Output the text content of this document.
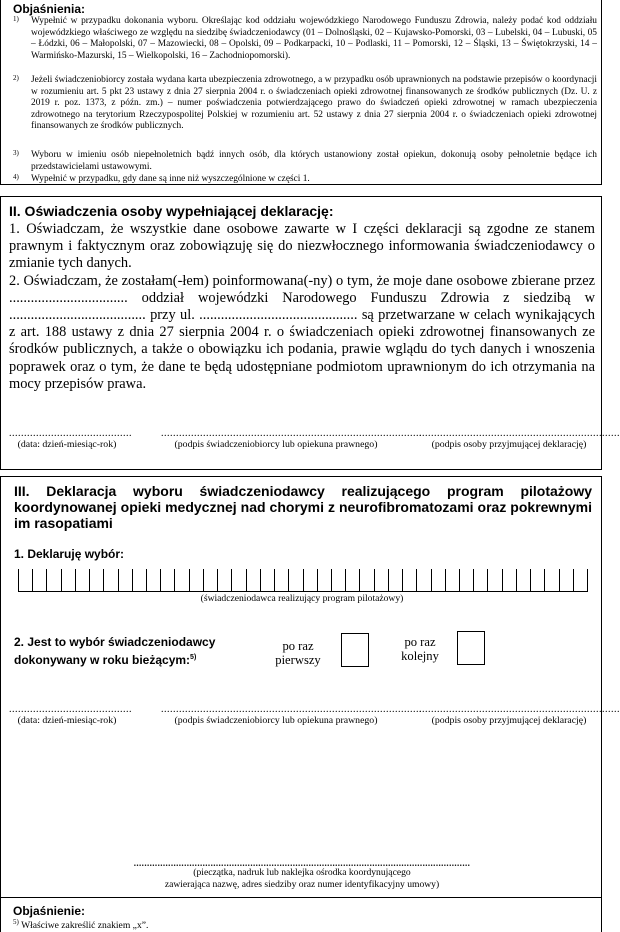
Objaśnienia:
1)	Wypełnić w przypadku dokonania wyboru. Określając kod oddziału wojewódzkiego Narodowego Funduszu Zdrowia, należy podać kod oddziału wojewódzkiego właściwego ze względu na siedzibę świadczeniodawcy (01 – Dolnośląski, 02 – Kujawsko-Pomorski, 03 – Lubelski, 04 – Lubuski, 05 – Łódzki, 06 – Małopolski, 07 – Mazowiecki, 08 – Opolski, 09 – Podkarpacki, 10 – Podlaski, 11 – Pomorski, 12 – Śląski, 13 – Świętokrzyski, 14 – Warmińsko-Mazurski, 15 – Wielkopolski, 16 – Zachodniopomorski).
2)	Jeżeli świadczeniobiorcy została wydana karta ubezpieczenia zdrowotnego, a w przypadku osób uprawnionych na podstawie przepisów o koordynacji w rozumieniu art. 5 pkt 23 ustawy z dnia 27 sierpnia 2004 r. o świadczeniach opieki zdrowotnej finansowanych ze środków publicznych (Dz. U. z 2019 r. poz. 1373, z późn. zm.) – numer poświadczenia potwierdzającego prawo do świadczeń opieki zdrowotnej w ramach ubezpieczenia zdrowotnego na terytorium Rzeczypospolitej Polskiej w rozumieniu art. 52 ustawy z dnia 27 sierpnia 2004 r. o świadczeniach opieki zdrowotnej finansowanych ze środków publicznych.
3)	Wyboru w imieniu osób niepełnoletnich bądź innych osób, dla których ustanowiony został opiekun, dokonują osoby pełnoletnie będące ich przedstawicielami ustawowymi.
4)	Wypełnić w przypadku, gdy dane są inne niż wyszczególnione w części 1.
II. Oświadczenia osoby wypełniającej deklarację:
1. Oświadczam, że wszystkie dane osobowe zawarte w I części deklaracji są zgodne ze stanem prawnym i faktycznym oraz zobowiązuję się do niezwłocznego informowania świadczeniodawcy o zmianie tych danych.
2. Oświadczam, że zostałam(-łem) poinformowana(-ny) o tym, że moje dane osobowe zbierane przez ................................. oddział wojewódzki Narodowego Funduszu Zdrowia z siedzibą w ...................................... przy ul. ............................................ są przetwarzane w celach wynikających z art. 188 ustawy z dnia 27 sierpnia 2004 r. o świadczeniach opieki zdrowotnej finansowanych ze środków publicznych, a także o obowiązku ich podania, prawie wglądu do tych danych i wnoszenia poprawek oraz o tym, że dane te będą udostępniane podmiotom uprawnionym do ich otrzymania na mocy przepisów prawa.
.........................................
(data: dzień-miesiąc-rok)
.......................................................................................
(podpis świadczeniobiorcy lub opiekuna prawnego)
...................................................................
(podpis osoby przyjmującej deklarację)
III. Deklaracja wyboru świadczeniodawcy realizującego program pilotażowy koordynowanej opieki medycznej nad chorymi z neurofibromatozami oraz pokrewnymi im rasopatiami
1. Deklaruję wybór:
(świadczeniodawca realizujący program pilotażowy)
2. Jest to wybór świadczeniodawcy
dokonywany w roku bieżącym:$^{5)}$
po raz
pierwszy
po raz
kolejny
.........................................
(data: dzień-miesiąc-rok)
.......................................................................................
(podpis świadczeniobiorcy lub opiekuna prawnego)
...................................................................
(podpis osoby przyjmującej deklarację)
...............................................................................................................................
(pieczątka, nadruk lub naklejka ośrodka koordynującego
zawierająca nazwę, adres siedziby oraz numer identyfikacyjny umowy)
Objaśnienie:
$^{5)}$ Właściwe zakreślić znakiem „x”.
